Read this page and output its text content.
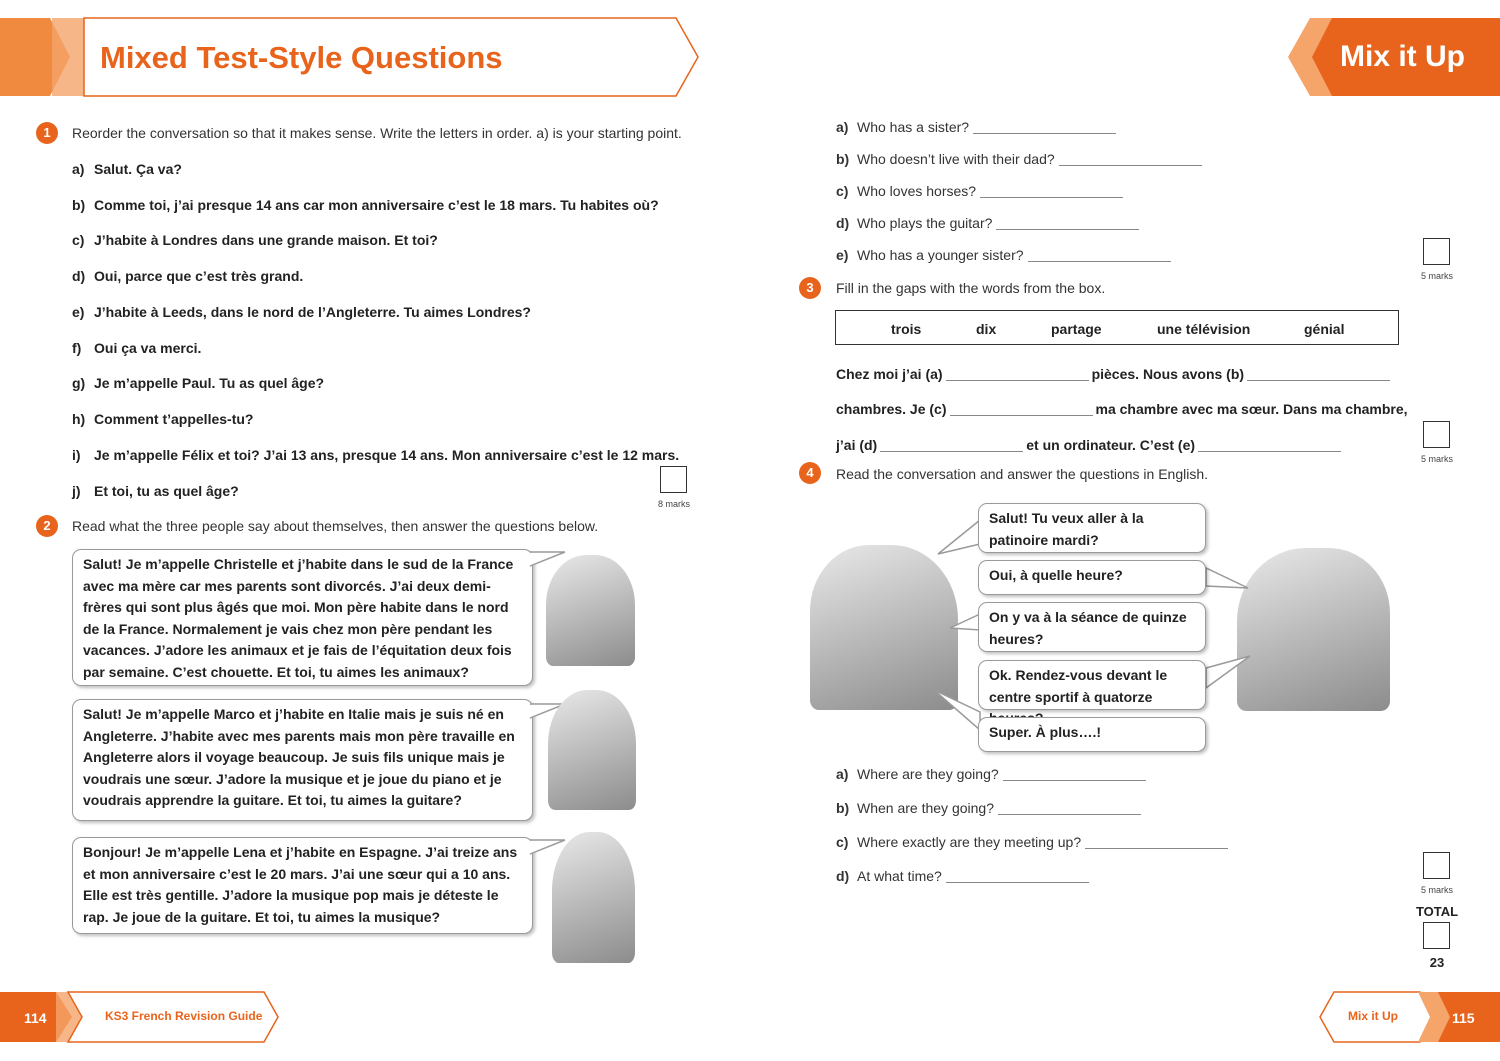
Mixed Test-Style Questions	Mix it Up
1	Reorder the conversation so that it makes sense. Write the letters in order. a) is your starting point.
a) Salut. Ça va?
b) Comme toi, j’ai presque 14 ans car mon anniversaire c’est le 18 mars. Tu habites où?
c) J’habite à Londres dans une grande maison. Et toi?
d) Oui, parce que c’est très grand.
e) J’habite à Leeds, dans le nord de l’Angleterre. Tu aimes Londres?
f) Oui ça va merci.
g) Je m’appelle Paul. Tu as quel âge?
h) Comment t’appelles-tu?
i) Je m’appelle Félix et toi? J’ai 13 ans, presque 14 ans. Mon anniversaire c’est le 12 mars.
j) Et toi, tu as quel âge?
8 marks
2	Read what the three people say about themselves, then answer the questions below.
Salut! Je m’appelle Christelle et j’habite dans le sud de la France avec ma mère car mes parents sont divorcés. J’ai deux demi-frères qui sont plus âgés que moi. Mon père habite dans le nord de la France. Normalement je vais chez mon père pendant les vacances. J’adore les animaux et je fais de l’équitation deux fois par semaine. C’est chouette. Et toi, tu aimes les animaux?
Salut! Je m’appelle Marco et j’habite en Italie mais je suis né en Angleterre. J’habite avec mes parents mais mon père travaille en Angleterre alors il voyage beaucoup. Je suis fils unique mais je voudrais une sœur. J’adore la musique et je joue du piano et je voudrais apprendre la guitare. Et toi, tu aimes la guitare?
Bonjour! Je m’appelle Lena et j’habite en Espagne. J’ai treize ans et mon anniversaire c’est le 20 mars. J’ai une sœur qui a 10 ans. Elle est très gentille. J’adore la musique pop mais je déteste le rap. Je joue de la guitare. Et toi, tu aimes la musique?
a) Who has a sister?
b) Who doesn’t live with their dad?
c) Who loves horses?
d) Who plays the guitar?
e) Who has a younger sister?
5 marks
3	Fill in the gaps with the words from the box.
trois	dix	partage	une télévision	génial
Chez moi j’ai (a)	pièces. Nous avons (b)
chambres. Je (c)	ma chambre avec ma sœur. Dans ma chambre,
j’ai (d)	et un ordinateur. C’est (e)
5 marks
4	Read the conversation and answer the questions in English.
Salut! Tu veux aller à la patinoire mardi?
Oui, à quelle heure?
On y va à la séance de quinze heures?
Ok. Rendez-vous devant le centre sportif à quatorze
Super. À plus….!
a) Where are they going?
b) When are they going?
c) Where exactly are they meeting up?
d) At what time?
5 marks
TOTAL
23
114	KS3 French Revision Guide	Mix it Up	115
